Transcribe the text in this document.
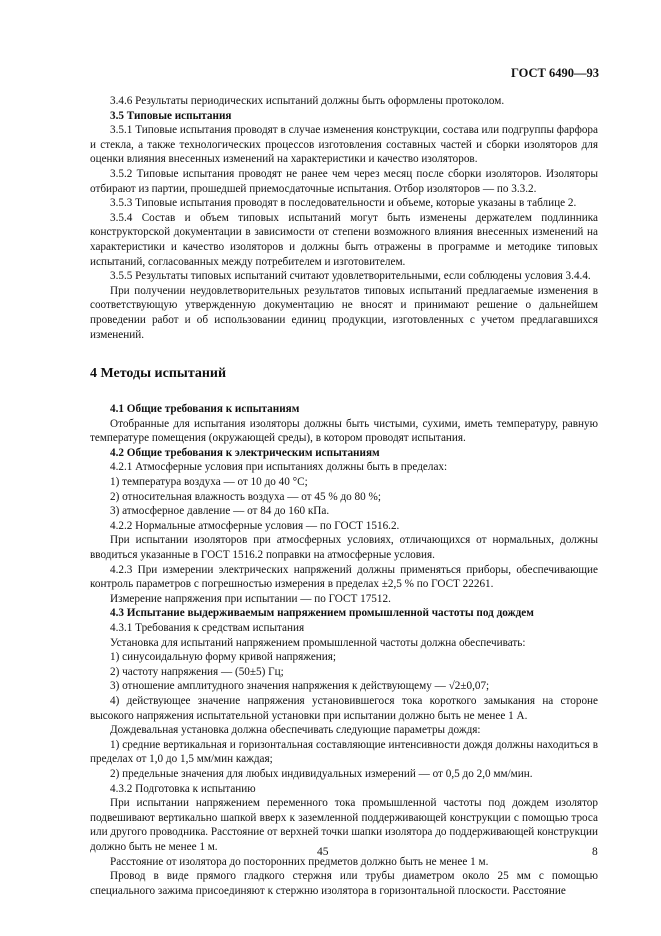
ГОСТ 6490—93

3.4.6 Результаты периодических испытаний должны быть оформлены протоколом.

3.5 Типовые испытания

3.5.1 Типовые испытания проводят в случае изменения конструкции, состава или подгруппы фарфора и стекла, а также технологических процессов изготовления составных частей и сборки изоляторов для оценки влияния внесенных изменений на характеристики и качество изоляторов.

3.5.2 Типовые испытания проводят не ранее чем через месяц после сборки изоляторов. Изоляторы отбирают из партии, прошедшей приемосдаточные испытания. Отбор изоляторов — по 3.3.2.

3.5.3 Типовые испытания проводят в последовательности и объеме, которые указаны в таблице 2.

3.5.4 Состав и объем типовых испытаний могут быть изменены держателем подлинника конструкторской документации в зависимости от степени возможного влияния внесенных изменений на характеристики и качество изоляторов и должны быть отражены в программе и методике типовых испытаний, согласованных между потребителем и изготовителем.

3.5.5 Результаты типовых испытаний считают удовлетворительными, если соблюдены условия 3.4.4.

При получении неудовлетворительных результатов типовых испытаний предлагаемые изменения в соответствующую утвержденную документацию не вносят и принимают решение о дальнейшем проведении работ и об использовании единиц продукции, изготовленных с учетом предлагавшихся изменений.

4 Методы испытаний

4.1 Общие требования к испытаниям

Отобранные для испытания изоляторы должны быть чистыми, сухими, иметь температуру, равную температуре помещения (окружающей среды), в котором проводят испытания.

4.2 Общие требования к электрическим испытаниям

4.2.1 Атмосферные условия при испытаниях должны быть в пределах:

1) температура воздуха — от 10 до 40 °С;

2) относительная влажность воздуха — от 45 % до 80 %;

3) атмосферное давление — от 84 до 160 кПа.

4.2.2 Нормальные атмосферные условия — по ГОСТ 1516.2.

При испытании изоляторов при атмосферных условиях, отличающихся от нормальных, должны вводиться указанные в ГОСТ 1516.2 поправки на атмосферные условия.

4.2.3 При измерении электрических напряжений должны применяться приборы, обеспечивающие контроль параметров с погрешностью измерения в пределах ±2,5 % по ГОСТ 22261.

Измерение напряжения при испытании — по ГОСТ 17512.

4.3 Испытание выдерживаемым напряжением промышленной частоты под дождем

4.3.1 Требования к средствам испытания

Установка для испытаний напряжением промышленной частоты должна обеспечивать:

1) синусоидальную форму кривой напряжения;

2) частоту напряжения — (50±5) Гц;

3) отношение амплитудного значения напряжения к действующему — √2±0,07;

4) действующее значение напряжения установившегося тока короткого замыкания на стороне высокого напряжения испытательной установки при испытании должно быть не менее 1 А.

Дождевальная установка должна обеспечивать следующие параметры дождя:

1) средние вертикальная и горизонтальная составляющие интенсивности дождя должны находиться в пределах от 1,0 до 1,5 мм/мин каждая;

2) предельные значения для любых индивидуальных измерений — от 0,5 до 2,0 мм/мин.

4.3.2 Подготовка к испытанию

При испытании напряжением переменного тока промышленной частоты под дождем изолятор подвешивают вертикально шапкой вверх к заземленной поддерживающей конструкции с помощью троса или другого проводника. Расстояние от верхней точки шапки изолятора до поддерживающей конструкции должно быть не менее 1 м.

Расстояние от изолятора до посторонних предметов должно быть не менее 1 м.

Провод в виде прямого гладкого стержня или трубы диаметром около 25 мм с помощью специального зажима присоединяют к стержню изолятора в горизонтальной плоскости. Расстояние

45	8
